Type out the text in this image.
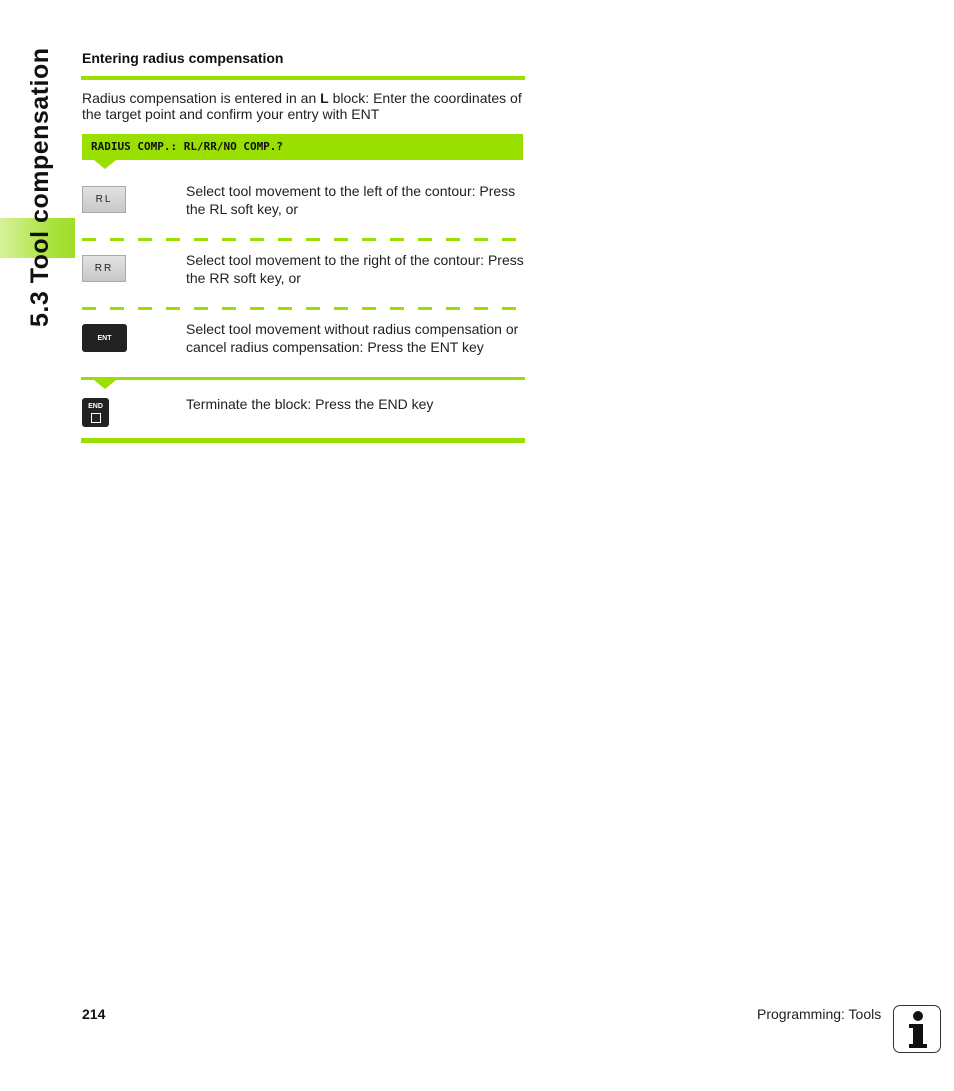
5.3 Tool compensation Entering radius compensation
Radius compensation is entered in an L block: Enter the coordinates of the target point and confirm your entry with ENT
RADIUS COMP.: RL/RR/NO COMP.?
RL
Select tool movement to the left of the contour: Press the RL soft key, or
RR
Select tool movement to the right of the contour: Press the RR soft key, or
ENT
Select tool movement without radius compensation or cancel radius compensation: Press the ENT key
END	Terminate the block: Press the END key
214	Programming: Tools
